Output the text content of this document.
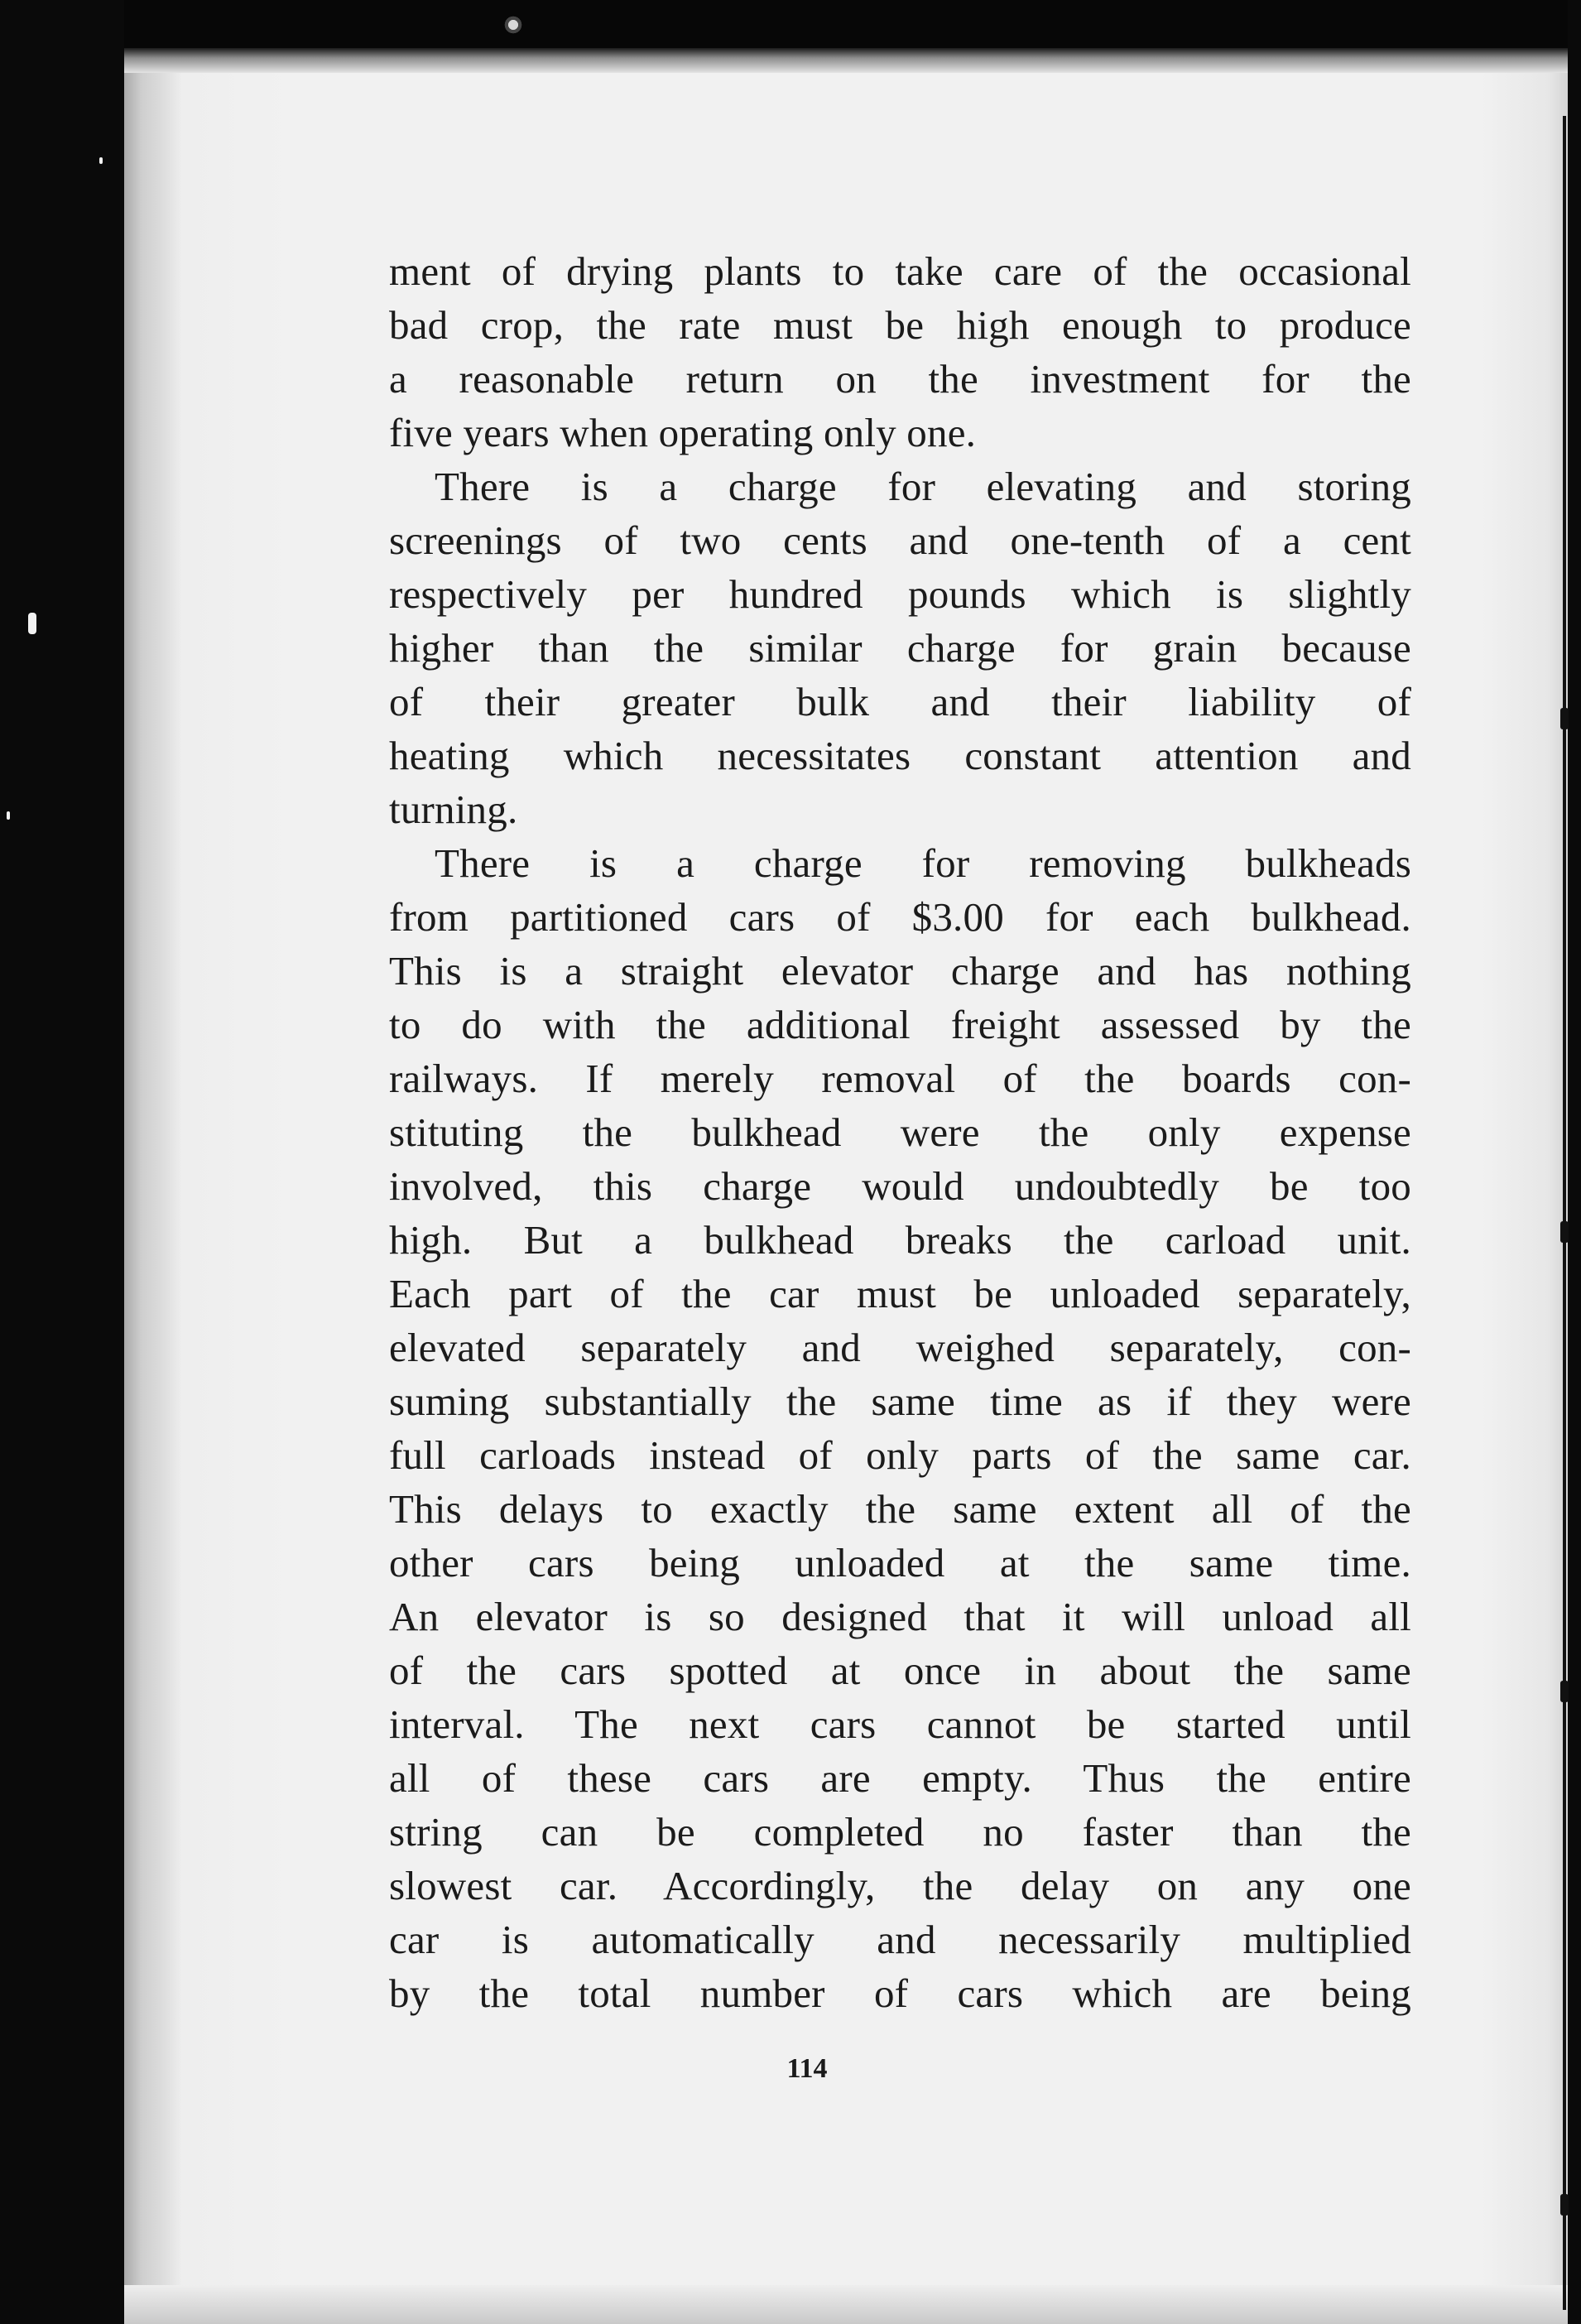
ment of drying plants to take care of the occasional
bad crop, the rate must be high enough to produce
a reasonable return on the investment for the
five years when operating only one.
There is a charge for elevating and storing
screenings of two cents and one-tenth of a cent
respectively per hundred pounds which is slightly
higher than the similar charge for grain because
of their greater bulk and their liability of
heating which necessitates constant attention and
turning.
There is a charge for removing bulkheads
from partitioned cars of $3.00 for each bulkhead.
This is a straight elevator charge and has nothing
to do with the additional freight assessed by the
railways. If merely removal of the boards con-
stituting the bulkhead were the only expense
involved, this charge would undoubtedly be too
high. But a bulkhead breaks the carload unit.
Each part of the car must be unloaded separately,
elevated separately and weighed separately, con-
suming substantially the same time as if they were
full carloads instead of only parts of the same car.
This delays to exactly the same extent all of the
other cars being unloaded at the same time.
An elevator is so designed that it will unload all
of the cars spotted at once in about the same
interval. The next cars cannot be started until
all of these cars are empty. Thus the entire
string can be completed no faster than the
slowest car. Accordingly, the delay on any one
car is automatically and necessarily multiplied
by the total number of cars which are being
114
